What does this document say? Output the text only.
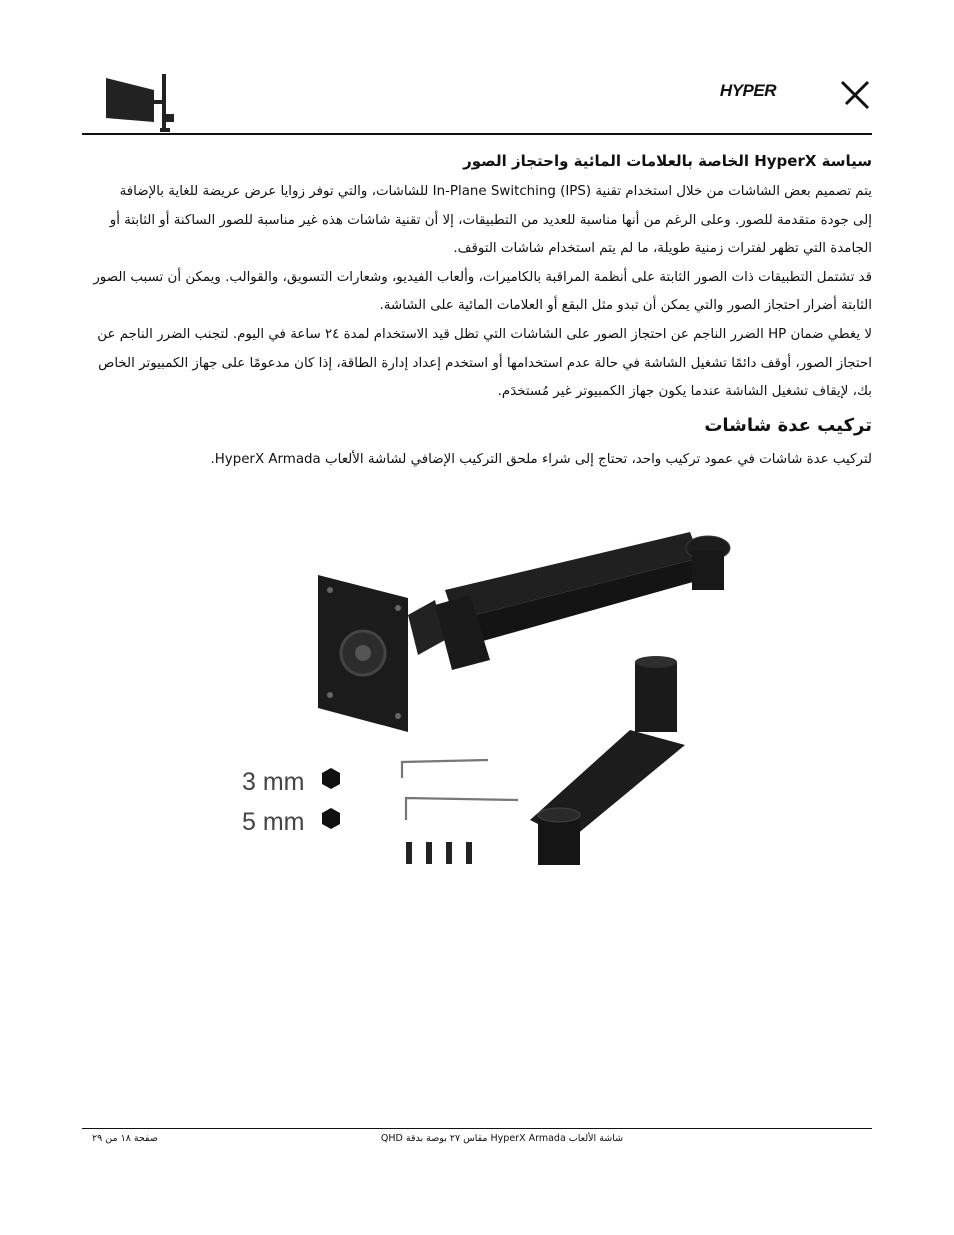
HYPER
سياسة HyperX الخاصة بالعلامات المائية واحتجاز الصور

يتم تصميم بعض الشاشات من خلال استخدام تقنية In-Plane Switching (IPS) للشاشات، والتي توفر زوايا عرض عريضة للغاية بالإضافة

إلى جودة متقدمة للصور. وعلى الرغم من أنها مناسبة للعديد من التطبيقات، إلا أن تقنية شاشات هذه غير مناسبة للصور الساكنة أو الثابتة أو

الجامدة التي تظهر لفترات زمنية طويلة، ما لم يتم استخدام شاشات التوقف.

قد تشتمل التطبيقات ذات الصور الثابتة على أنظمة المراقبة بالكاميرات، وألعاب الفيديو، وشعارات التسويق، والقوالب. ويمكن أن تسبب الصور

الثابتة أضرار احتجاز الصور والتي يمكن أن تبدو مثل البقع أو العلامات المائية على الشاشة.

لا يغطي ضمان HP الضرر الناجم عن احتجاز الصور على الشاشات التي تظل قيد الاستخدام لمدة ٢٤ ساعة في اليوم. لتجنب الضرر الناجم عن

احتجاز الصور، أوقف دائمًا تشغيل الشاشة في حالة عدم استخدامها أو استخدم إعداد إدارة الطاقة، إذا كان مدعومًا على جهاز الكمبيوتر الخاص

بك، لإيقاف تشغيل الشاشة عندما يكون جهاز الكمبيوتر غير مُستخدَم.

تركيب عدة شاشات

لتركيب عدة شاشات في عمود تركيب واحد، تحتاج إلى شراء ملحق التركيب الإضافي لشاشة الألعاب HyperX Armada.

3 mm
5 mm
شاشة الألعاب HyperX Armada مقاس ٢٧ بوصة بدقة QHD
صفحة ١٨ من ٢٩
